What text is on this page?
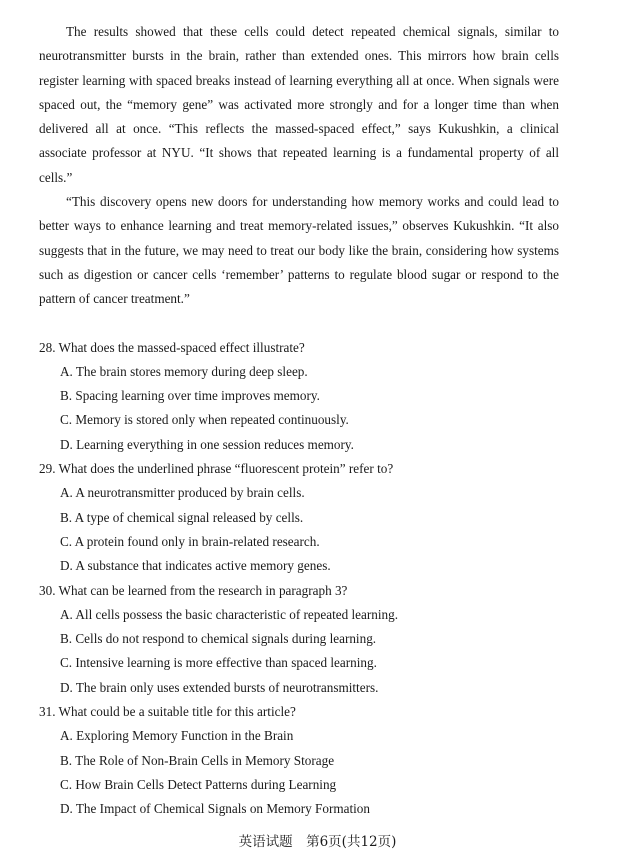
The results showed that these cells could detect repeated chemical signals, similar to neurotransmitter bursts in the brain, rather than extended ones. This mirrors how brain cells register learning with spaced breaks instead of learning everything all at once. When signals were spaced out, the “memory gene” was activated more strongly and for a longer time than when delivered all at once. “This reflects the massed-spaced effect,” says Kukushkin, a clinical associate professor at NYU. “It shows that repeated learning is a fundamental property of all cells.”

“This discovery opens new doors for understanding how memory works and could lead to better ways to enhance learning and treat memory-related issues,” observes Kukushkin. “It also suggests that in the future, we may need to treat our body like the brain, considering how systems such as digestion or cancer cells ‘remember’ patterns to regulate blood sugar or respond to the pattern of cancer treatment.”

28. What does the massed-spaced effect illustrate?

A. The brain stores memory during deep sleep.

B. Spacing learning over time improves memory.

C. Memory is stored only when repeated continuously.

D. Learning everything in one session reduces memory.

29. What does the underlined phrase “fluorescent protein” refer to?

A. A neurotransmitter produced by brain cells.

B. A type of chemical signal released by cells.

C. A protein found only in brain-related research.

D. A substance that indicates active memory genes.

30. What can be learned from the research in paragraph 3?

A. All cells possess the basic characteristic of repeated learning.

B. Cells do not respond to chemical signals during learning.

C. Intensive learning is more effective than spaced learning.

D. The brain only uses extended bursts of neurotransmitters.

31. What could be a suitable title for this article?

A. Exploring Memory Function in the Brain

B. The Role of Non-Brain Cells in Memory Storage

C. How Brain Cells Detect Patterns during Learning

D. The Impact of Chemical Signals on Memory Formation

英语试题　第6页(共12页)
